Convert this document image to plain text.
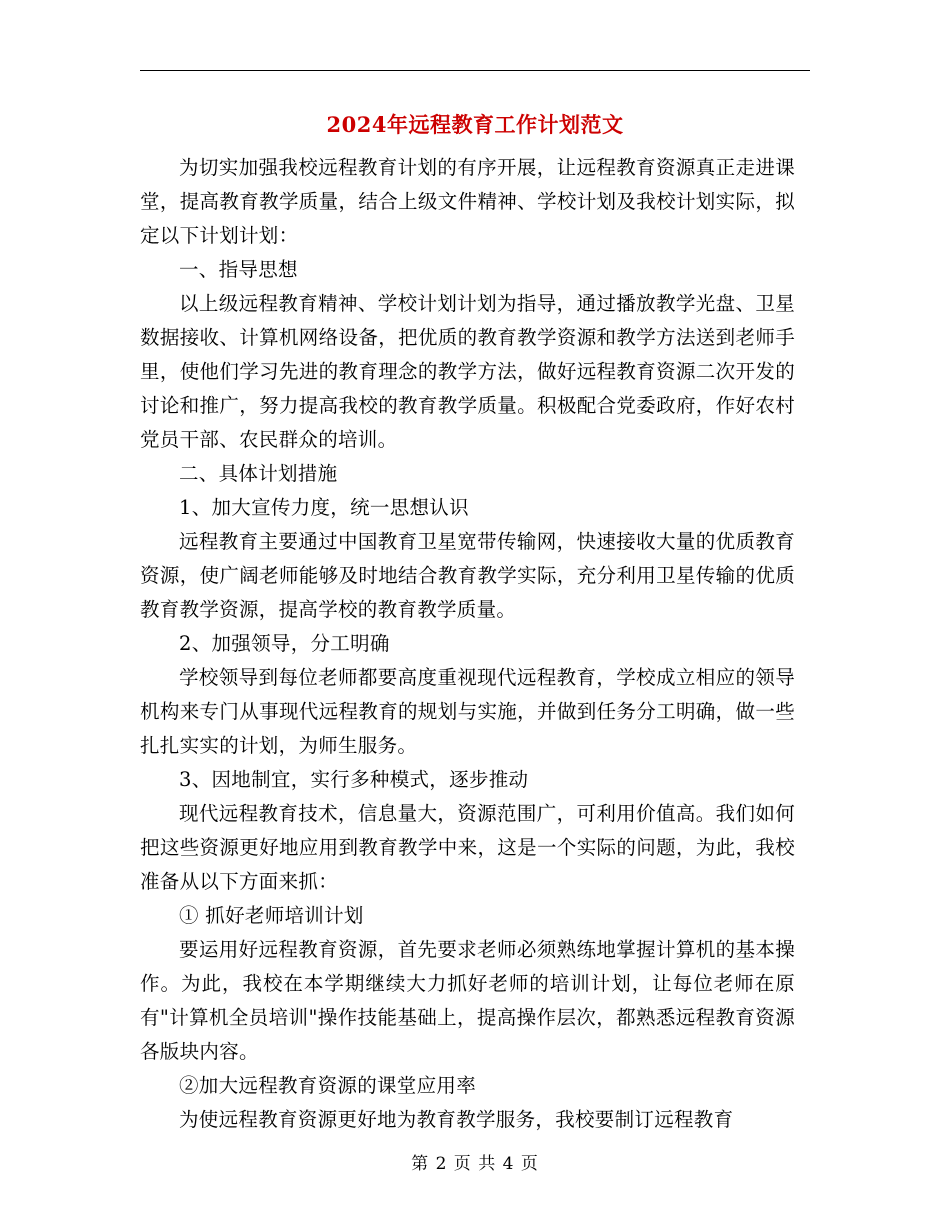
2024年远程教育工作计划范文

为切实加强我校远程教育计划的有序开展，让远程教育资源真正走进课堂，提高教育教学质量，结合上级文件精神、学校计划及我校计划实际，拟定以下计划计划：

一、指导思想

以上级远程教育精神、学校计划计划为指导，通过播放教学光盘、卫星数据接收、计算机网络设备，把优质的教育教学资源和教学方法送到老师手里，使他们学习先进的教育理念的教学方法，做好远程教育资源二次开发的讨论和推广，努力提高我校的教育教学质量。积极配合党委政府，作好农村党员干部、农民群众的培训。

二、具体计划措施

1、加大宣传力度，统一思想认识

远程教育主要通过中国教育卫星宽带传输网，快速接收大量的优质教育资源，使广阔老师能够及时地结合教育教学实际，充分利用卫星传输的优质教育教学资源，提高学校的教育教学质量。

2、加强领导，分工明确

学校领导到每位老师都要高度重视现代远程教育，学校成立相应的领导机构来专门从事现代远程教育的规划与实施，并做到任务分工明确，做一些扎扎实实的计划，为师生服务。

3、因地制宜，实行多种模式，逐步推动

现代远程教育技术，信息量大，资源范围广，可利用价值高。我们如何把这些资源更好地应用到教育教学中来，这是一个实际的问题，为此，我校准备从以下方面来抓：

① 抓好老师培训计划

要运用好远程教育资源，首先要求老师必须熟练地掌握计算机的基本操作。为此，我校在本学期继续大力抓好老师的培训计划，让每位老师在原有"计算机全员培训"操作技能基础上，提高操作层次，都熟悉远程教育资源各版块内容。

②加大远程教育资源的课堂应用率

为使远程教育资源更好地为教育教学服务，我校要制订远程教育

第 2 页 共 4 页
